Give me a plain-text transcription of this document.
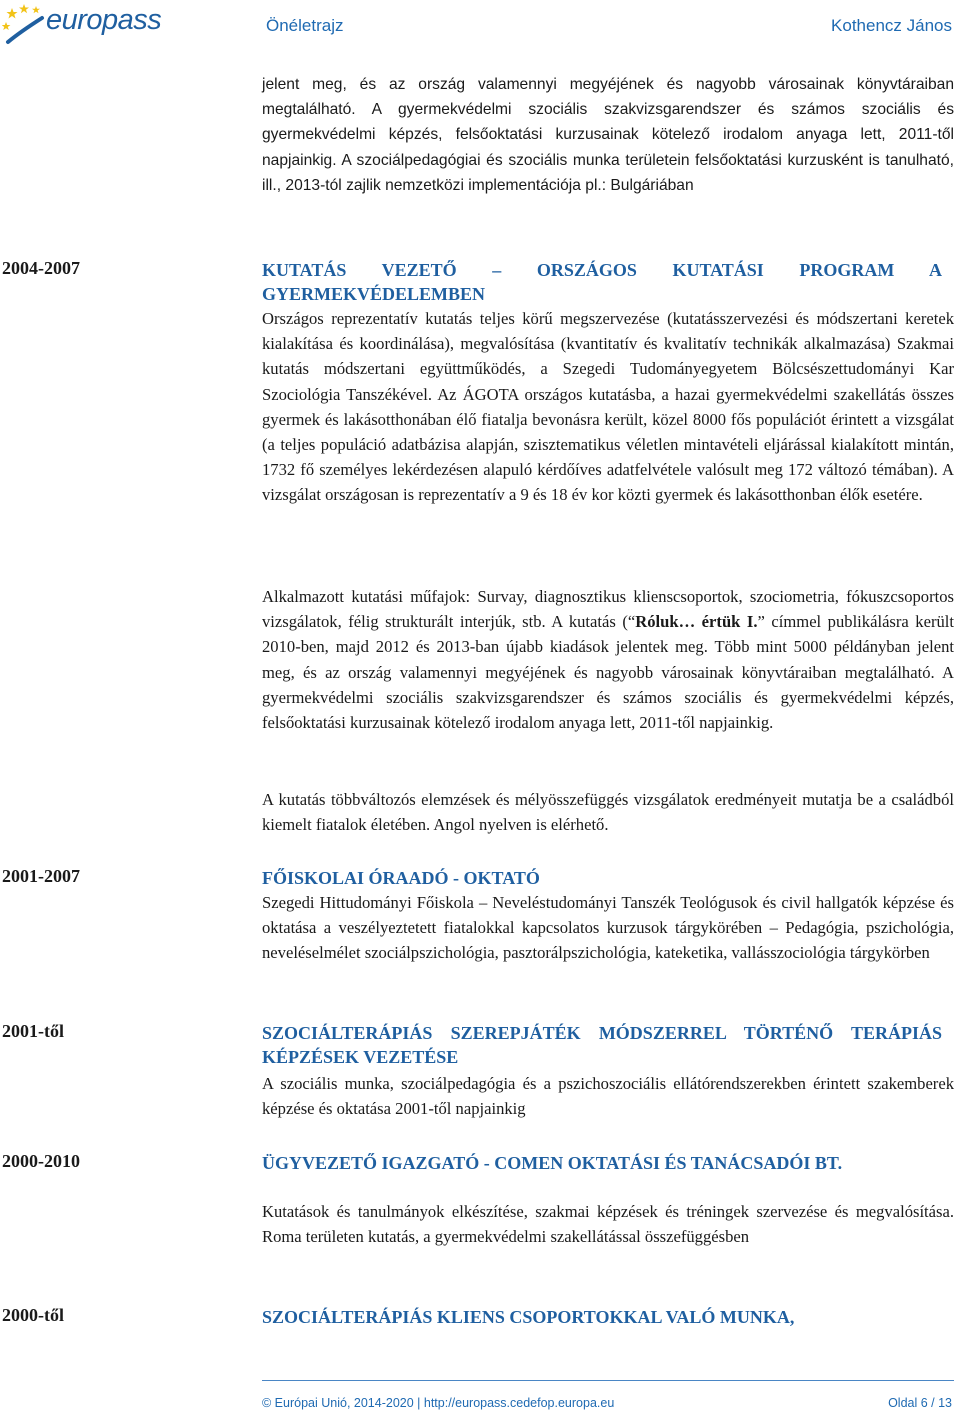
europass	Önéletrajz	Kothencz János

jelent meg, és az ország valamennyi megyéjének és nagyobb városainak könyvtáraiban megtalálható. A gyermekvédelmi szociális szakvizsgarendszer és számos szociális és gyermekvédelmi képzés, felsőoktatási kurzusainak kötelező irodalom anyaga lett, 2011-től napjainkig. A szociálpedagógiai és szociális munka területein felsőoktatási kurzusként is tanulható, ill., 2013-tól zajlik nemzetközi implementációja pl.: Bulgáriában

2004-2007	KUTATÁS VEZETŐ – ORSZÁGOS KUTATÁSI PROGRAM A GYERMEKVÉDELEMBEN

Országos reprezentatív kutatás teljes körű megszervezése (kutatásszervezési és módszertani keretek kialakítása és koordinálása), megvalósítása (kvantitatív és kvalitatív technikák alkalmazása) Szakmai kutatás módszertani együttműködés, a Szegedi Tudományegyetem Bölcsészettudományi Kar Szociológia Tanszékével. Az ÁGOTA országos kutatásba, a hazai gyermekvédelmi szakellátás összes gyermek és lakásotthonában élő fiatalja bevonásra került, közel 8000 fős populációt érintett a vizsgálat (a teljes populáció adatbázisa alapján, szisztematikus véletlen mintavételi eljárással kialakított mintán, 1732 fő személyes lekérdezésen alapuló kérdőíves adatfelvétele valósult meg 172 változó témában). A vizsgálat országosan is reprezentatív a 9 és 18 év kor közti gyermek és lakásotthonban élők esetére.

Alkalmazott kutatási műfajok: Survay, diagnosztikus klienscsoportok, szociometria, fókuszcsoportos vizsgálatok, félig strukturált interjúk, stb. A kutatás (“Róluk… értük I.” címmel publikálásra került 2010-ben, majd 2012 és 2013-ban újabb kiadások jelentek meg. Több mint 5000 példányban jelent meg, és az ország valamennyi megyéjének és nagyobb városainak könyvtáraiban megtalálható. A gyermekvédelmi szociális szakvizsgarendszer és számos szociális és gyermekvédelmi képzés, felsőoktatási kurzusainak kötelező irodalom anyaga lett, 2011-től napjainkig.

A kutatás többváltozós elemzések és mélyösszefüggés vizsgálatok eredményeit mutatja be a családból kiemelt fiatalok életében. Angol nyelven is elérhető.

2001-2007	FŐISKOLAI ÓRAADÓ - OKTATÓ

Szegedi Hittudományi Főiskola – Neveléstudományi Tanszék Teológusok és civil hallgatók képzése és oktatása a veszélyeztetett fiatalokkal kapcsolatos kurzusok tárgykörében – Pedagógia, pszichológia, neveléselmélet szociálpszichológia, pasztorálpszichológia, kateketika, vallásszociológia tárgykörben

2001-től	SZOCIÁLTERÁPIÁS SZEREPJÁTÉK MÓDSZERREL TÖRTÉNŐ TERÁPIÁS KÉPZÉSEK VEZETÉSE

A szociális munka, szociálpedagógia és a pszichoszociális ellátórendszerekben érintett szakemberek képzése és oktatása 2001-től napjainkig

2000-2010	ÜGYVEZETŐ IGAZGATÓ - COMEN OKTATÁSI ÉS TANÁCSADÓI BT.

Kutatások és tanulmányok elkészítése, szakmai képzések és tréningek szervezése és megvalósítása. Roma területen kutatás, a gyermekvédelmi szakellátással összefüggésben

2000-től	SZOCIÁLTERÁPIÁS KLIENS CSOPORTOKKAL VALÓ MUNKA,

© Európai Unió, 2014-2020 | http://europass.cedefop.europa.eu	Oldal 6 / 13
